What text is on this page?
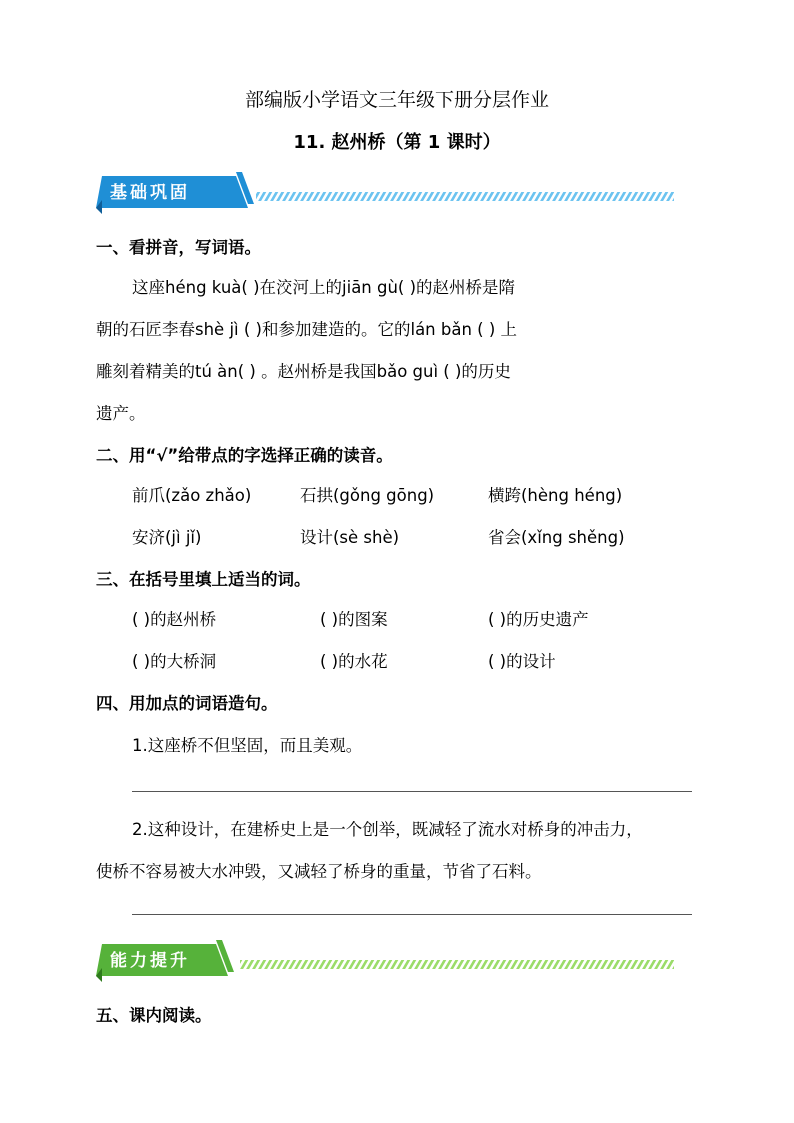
部编版小学语文三年级下册分层作业
11. 赵州桥（第 1 课时）
基础巩固
一、看拼音，写词语。
这座héng kuà( )在洨河上的jiān gù( )的赵州桥是隋
朝的石匠李春shè jì ( )和参加建造的。它的lán bǎn ( ) 上
雕刻着精美的tú àn( ) 。赵州桥是我国bǎo guì ( )的历史
遗产。
二、用“√”给带点的字选择正确的读音。
前爪(zǎo zhǎo)	石拱(gǒng gōng)	横跨(hèng héng)
安济(jì jǐ)	设计(sè shè)	省会(xǐng shěng)
三、在括号里填上适当的词。
( )的赵州桥	( )的图案	( )的历史遗产
( )的大桥洞	( )的水花	( )的设计
四、用加点的词语造句。
1.这座桥不但坚固，而且美观。
2.这种设计，在建桥史上是一个创举，既减轻了流水对桥身的冲击力，
使桥不容易被大水冲毁，又减轻了桥身的重量，节省了石料。
能力提升
五、课内阅读。
